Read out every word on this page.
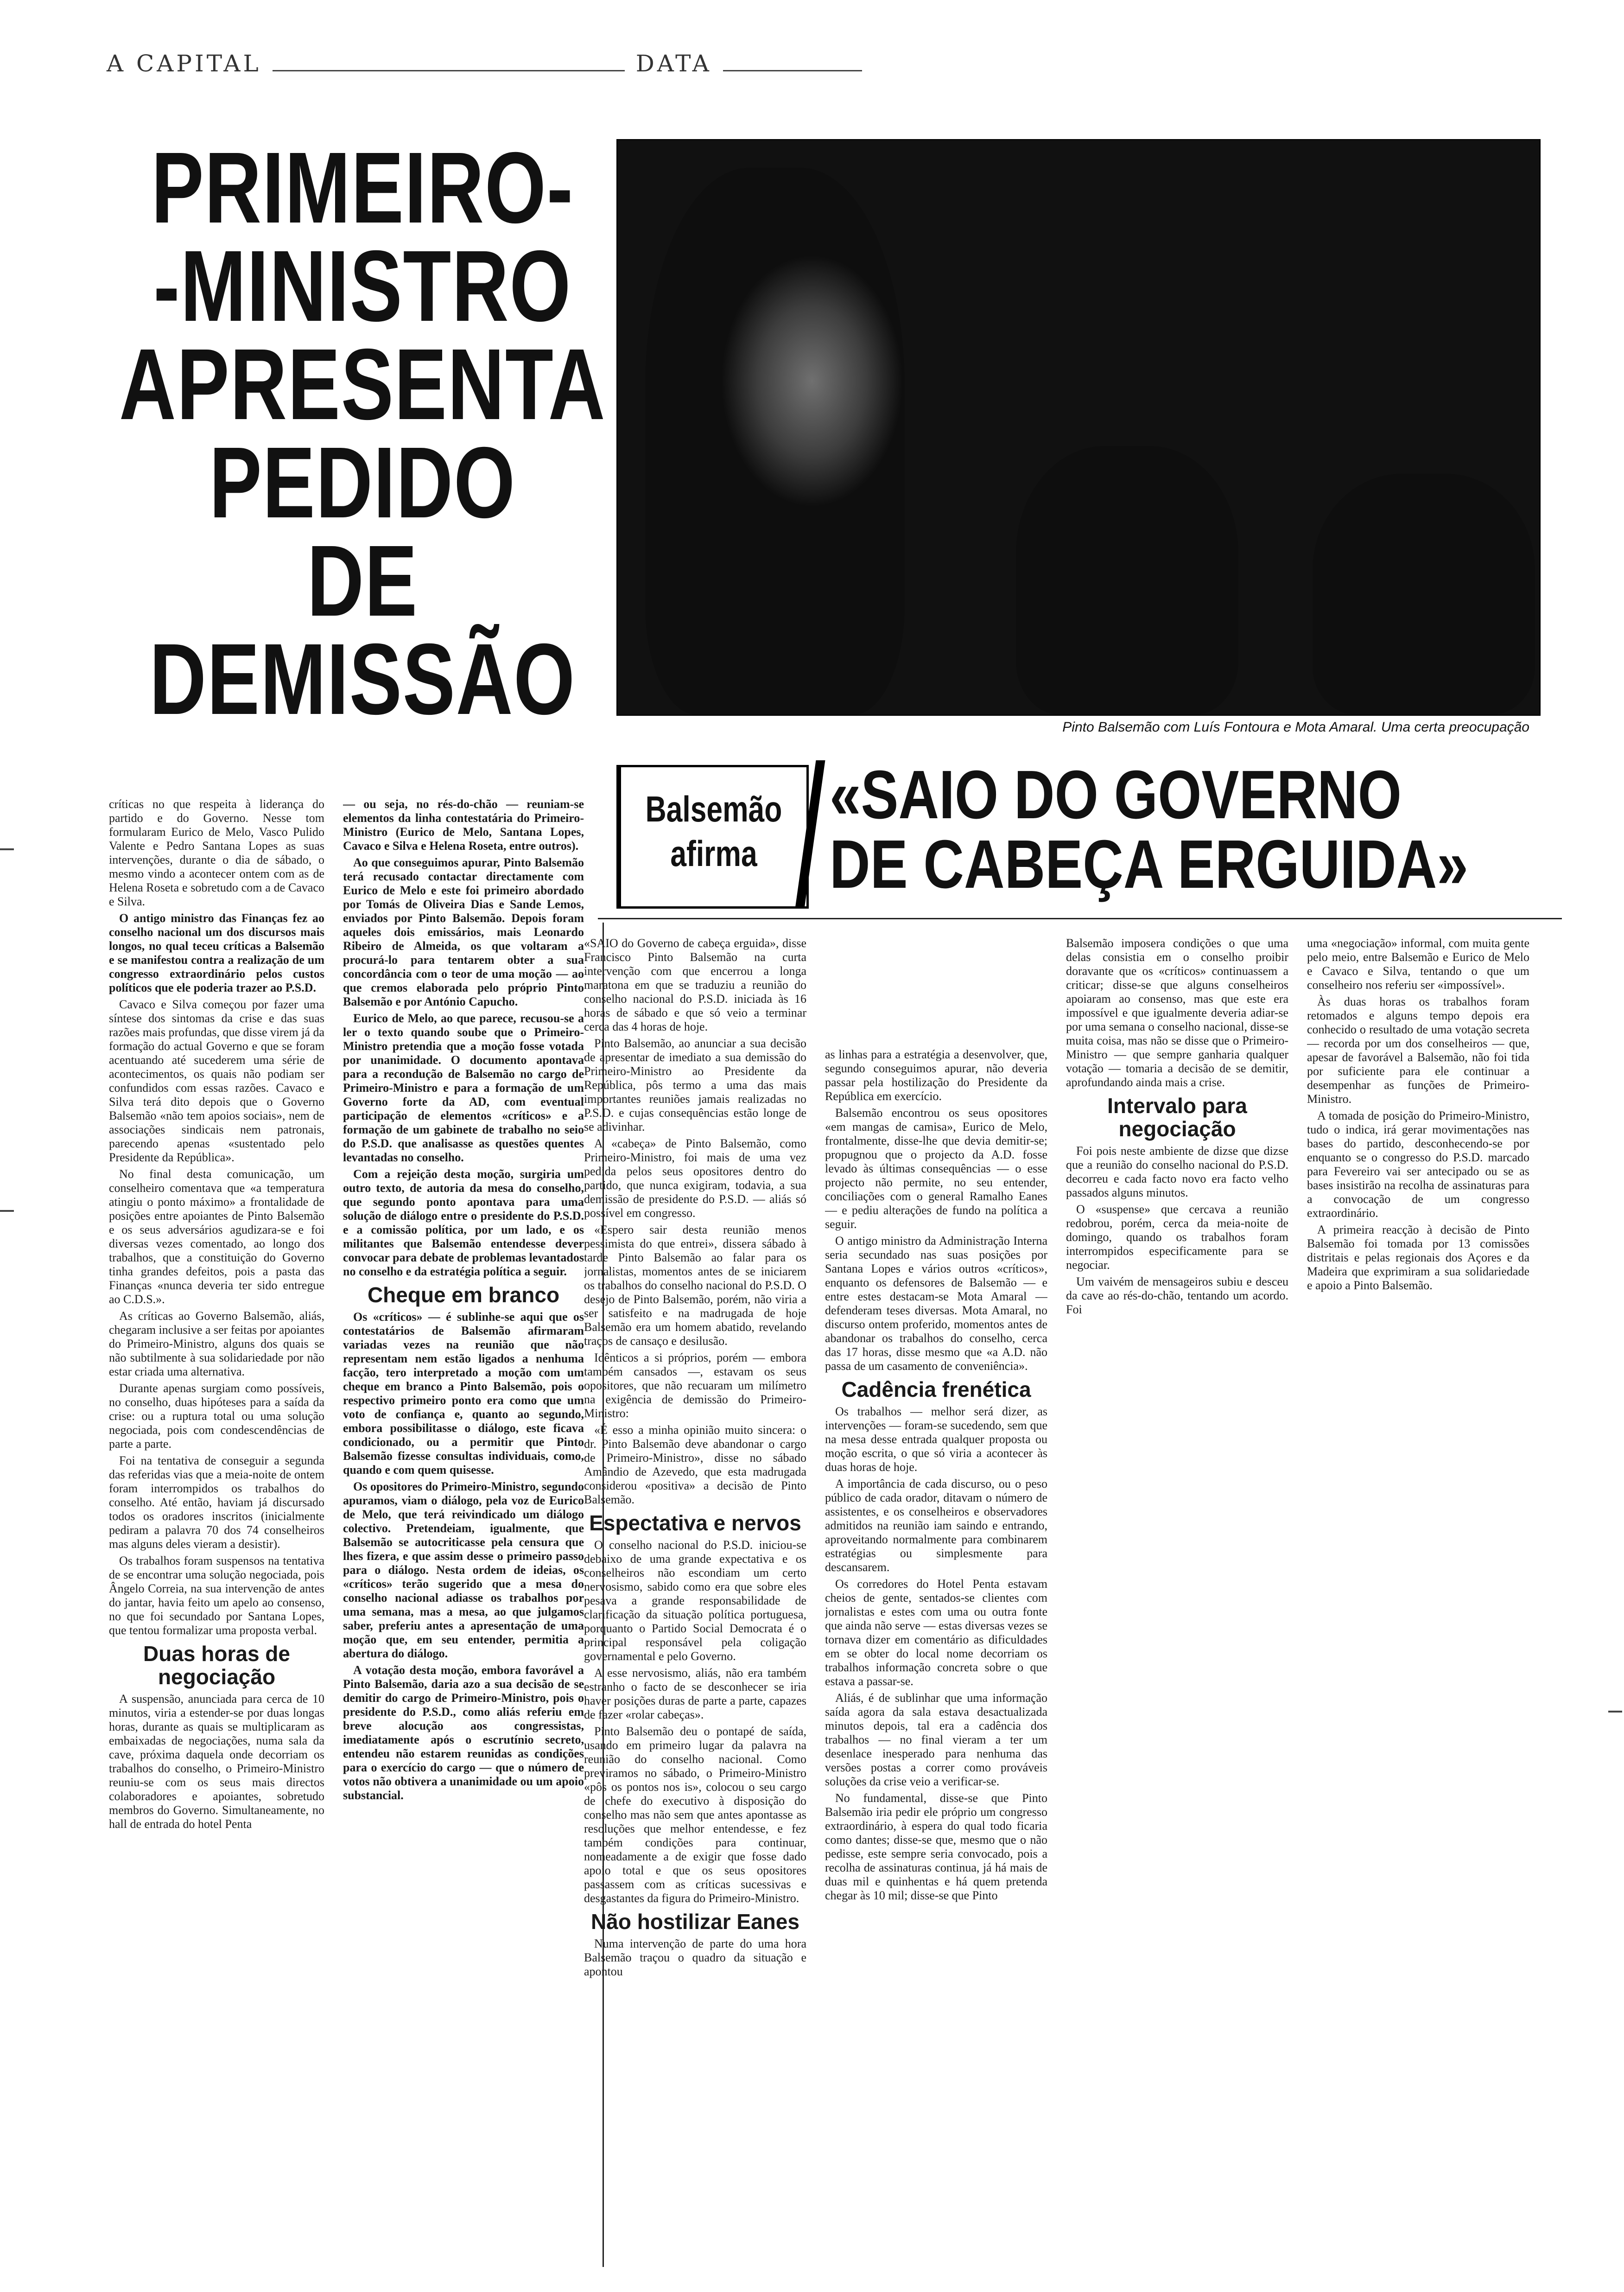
A CAPITAL	DATA
PRIMEIRO-
-MINISTRO
APRESENTA
PEDIDO
DE
DEMISSÃO	Pinto Balsemão com Luís Fontoura e Mota Amaral. Uma certa preocupação
Balsemão
afirma
«SAIO DO GOVERNO
DE CABEÇA ERGUIDA»

críticas no que respeita à liderança do partido e do Governo. Nesse tom formularam Eurico de Melo, Vasco Pulido Valente e Pedro Santana Lopes as suas intervenções, durante o dia de sábado, o mesmo vindo a acontecer ontem com as de Helena Roseta e sobretudo com a de Cavaco e Silva.

O antigo ministro das Finanças fez ao conselho nacional um dos discursos mais longos, no qual teceu críticas a Balsemão e se manifestou contra a realização de um congresso extraordinário pelos custos políticos que ele poderia trazer ao P.S.D.

Cavaco e Silva começou por fazer uma síntese dos sintomas da crise e das suas razões mais profundas, que disse virem já da formação do actual Governo e que se foram acentuando até sucederem uma série de acontecimentos, os quais não podiam ser confundidos com essas razões. Cavaco e Silva terá dito depois que o Governo Balsemão «não tem apoios sociais», nem de associações sindicais nem patronais, parecendo apenas «sustentado pelo Presidente da República».

No final desta comunicação, um conselheiro comentava que «a temperatura atingiu o ponto máximo» a frontalidade de posições entre apoiantes de Pinto Balsemão e os seus adversários agudizara-se e foi diversas vezes comentado, ao longo dos trabalhos, que a constituição do Governo tinha grandes defeitos, pois a pasta das Finanças «nunca deveria ter sido entregue ao C.D.S.».

As críticas ao Governo Balsemão, aliás, chegaram inclusive a ser feitas por apoiantes do Primeiro-Ministro, alguns dos quais se não subtilmente à sua solidariedade por não estar criada uma alternativa.

Durante apenas surgiam como possíveis, no conselho, duas hipóteses para a saída da crise: ou a ruptura total ou uma solução negociada, pois com condescendências de parte a parte.

Foi na tentativa de conseguir a segunda das referidas vias que a meia-noite de ontem foram interrompidos os trabalhos do conselho. Até então, haviam já discursado todos os oradores inscritos (inicialmente pediram a palavra 70 dos 74 conselheiros mas alguns deles vieram a desistir).

Os trabalhos foram suspensos na tentativa de se encontrar uma solução negociada, pois Ângelo Correia, na sua intervenção de antes do jantar, havia feito um apelo ao consenso, no que foi secundado por Santana Lopes, que tentou formalizar uma proposta verbal.

Duas horas de negociação

A suspensão, anunciada para cerca de 10 minutos, viria a estender-se por duas longas horas, durante as quais se multiplicaram as embaixadas de negociações, numa sala da cave, próxima daquela onde decorriam os trabalhos do conselho, o Primeiro-Ministro reuniu-se com os seus mais directos colaboradores e apoiantes, sobretudo membros do Governo. Simultaneamente, no hall de entrada do hotel Penta

— ou seja, no rés-do-chão — reuniam-se elementos da linha contestatária do Primeiro-Ministro (Eurico de Melo, Santana Lopes, Cavaco e Silva e Helena Roseta, entre outros).

Ao que conseguimos apurar, Pinto Balsemão terá recusado contactar directamente com Eurico de Melo e este foi primeiro abordado por Tomás de Oliveira Dias e Sande Lemos, enviados por Pinto Balsemão. Depois foram aqueles dois emissários, mais Leonardo Ribeiro de Almeida, os que voltaram a procurá-lo para tentarem obter a sua concordância com o teor de uma moção — ao que cremos elaborada pelo próprio Pinto Balsemão e por António Capucho.

Eurico de Melo, ao que parece, recusou-se a ler o texto quando soube que o Primeiro-Ministro pretendia que a moção fosse votada por unanimidade. O documento apontava para a recondução de Balsemão no cargo de Primeiro-Ministro e para a formação de um Governo forte da AD, com eventual participação de elementos «críticos» e a formação de um gabinete de trabalho no seio do P.S.D. que analisasse as questões quentes levantadas no conselho.

Com a rejeição desta moção, surgiria um outro texto, de autoria da mesa do conselho, que segundo ponto apontava para uma solução de diálogo entre o presidente do P.S.D. e a comissão política, por um lado, e os militantes que Balsemão entendesse dever convocar para debate de problemas levantados no conselho e da estratégia política a seguir.

Cheque em branco

Os «críticos» — é sublinhe-se aqui que os contestatários de Balsemão afirmaram variadas vezes na reunião que não representam nem estão ligados a nenhuma facção, tero interpretado a moção com um cheque em branco a Pinto Balsemão, pois o respectivo primeiro ponto era como que um voto de confiança e, quanto ao segundo, embora possibilitasse o diálogo, este ficava condicionado, ou a permitir que Pinto Balsemão fizesse consultas individuais, como, quando e com quem quisesse.

Os opositores do Primeiro-Ministro, segundo apuramos, viam o diálogo, pela voz de Eurico de Melo, que terá reivindicado um diálogo colectivo. Pretendeiam, igualmente, que Balsemão se autocriticasse pela censura que lhes fizera, e que assim desse o primeiro passo para o diálogo. Nesta ordem de ideias, os «críticos» terão sugerido que a mesa do conselho nacional adiasse os trabalhos por uma semana, mas a mesa, ao que julgamos saber, preferiu antes a apresentação de uma moção que, em seu entender, permitia a abertura do diálogo.

A votação desta moção, embora favorável a Pinto Balsemão, daria azo a sua decisão de se demitir do cargo de Primeiro-Ministro, pois o presidente do P.S.D., como aliás referiu em breve alocução aos congressistas, imediatamente após o escrutínio secreto, entendeu não estarem reunidas as condições para o exercício do cargo — que o número de votos não obtivera a unanimidade ou um apoio substancial.

«SAIO do Governo de cabeça erguida», disse Francisco Pinto Balsemão na curta intervenção com que encerrou a longa maratona em que se traduziu a reunião do conselho nacional do P.S.D. iniciada às 16 horas de sábado e que só veio a terminar cerca das 4 horas de hoje.

Pinto Balsemão, ao anunciar a sua decisão de apresentar de imediato a sua demissão do Primeiro-Ministro ao Presidente da República, pôs termo a uma das mais importantes reuniões jamais realizadas no P.S.D. e cujas consequências estão longe de se adivinhar.

A «cabeça» de Pinto Balsemão, como Primeiro-Ministro, foi mais de uma vez pedida pelos seus opositores dentro do partido, que nunca exigiram, todavia, a sua demissão de presidente do P.S.D. — aliás só possível em congresso.

«Espero sair desta reunião menos pessimista do que entrei», dissera sábado à tarde Pinto Balsemão ao falar para os jornalistas, momentos antes de se iniciarem os trabalhos do conselho nacional do P.S.D. O desejo de Pinto Balsemão, porém, não viria a ser satisfeito e na madrugada de hoje Balsemão era um homem abatido, revelando traços de cansaço e desilusão.

Idênticos a si próprios, porém — embora também cansados —, estavam os seus opositores, que não recuaram um milímetro na exigência de demissão do Primeiro-Ministro:

«É esso a minha opinião muito sincera: o dr. Pinto Balsemão deve abandonar o cargo de Primeiro-Ministro», disse no sábado Amândio de Azevedo, que esta madrugada considerou «positiva» a decisão de Pinto Balsemão.

Espectativa e nervos

O conselho nacional do P.S.D. iniciou-se debaixo de uma grande expectativa e os conselheiros não escondiam um certo nervosismo, sabido como era que sobre eles pesava a grande responsabilidade de clarificação da situação política portuguesa, porquanto o Partido Social Democrata é o principal responsável pela coligação governamental e pelo Governo.

A esse nervosismo, aliás, não era também estranho o facto de se desconhecer se iria haver posições duras de parte a parte, capazes de fazer «rolar cabeças».

Pinto Balsemão deu o pontapé de saída, usando em primeiro lugar da palavra na reunião do conselho nacional. Como previramos no sábado, o Primeiro-Ministro «pôs os pontos nos is», colocou o seu cargo de chefe do executivo à disposição do conselho mas não sem que antes apontasse as resoluções que melhor entendesse, e fez também condições para continuar, nomeadamente a de exigir que fosse dado apoio total e que os seus opositores passassem com as críticas sucessivas e desgastantes da figura do Primeiro-Ministro.

Não hostilizar Eanes

Numa intervenção de parte do uma hora Balsemão traçou o quadro da situação e apontou

as linhas para a estratégia a desenvolver, que, segundo conseguimos apurar, não deveria passar pela hostilização do Presidente da República em exercício.

Balsemão encontrou os seus opositores «em mangas de camisa», Eurico de Melo, frontalmente, disse-lhe que devia demitir-se; propugnou que o projecto da A.D. fosse levado às últimas consequências — o esse projecto não permite, no seu entender, conciliações com o general Ramalho Eanes — e pediu alterações de fundo na política a seguir.

O antigo ministro da Administração Interna seria secundado nas suas posições por Santana Lopes e vários outros «críticos», enquanto os defensores de Balsemão — e entre estes destacam-se Mota Amaral — defenderam teses diversas. Mota Amaral, no discurso ontem proferido, momentos antes de abandonar os trabalhos do conselho, cerca das 17 horas, disse mesmo que «a A.D. não passa de um casamento de conveniência».

Cadência frenética

Os trabalhos — melhor será dizer, as intervenções — foram-se sucedendo, sem que na mesa desse entrada qualquer proposta ou moção escrita, o que só viria a acontecer às duas horas de hoje.

A importância de cada discurso, ou o peso público de cada orador, ditavam o número de assistentes, e os conselheiros e observadores admitidos na reunião iam saindo e entrando, aproveitando normalmente para combinarem estratégias ou simplesmente para descansarem.

Os corredores do Hotel Penta estavam cheios de gente, sentados-se clientes com jornalistas e estes com uma ou outra fonte que ainda não serve — estas diversas vezes se tornava dizer em comentário as dificuldades em se obter do local nome decorriam os trabalhos informação concreta sobre o que estava a passar-se.

Aliás, é de sublinhar que uma informação saída agora da sala estava desactualizada minutos depois, tal era a cadência dos trabalhos — no final vieram a ter um desenlace inesperado para nenhuma das versões postas a correr como prováveis soluções da crise veio a verificar-se.

No fundamental, disse-se que Pinto Balsemão iria pedir ele próprio um congresso extraordinário, à espera do qual todo ficaria como dantes; disse-se que, mesmo que o não pedisse, este sempre seria convocado, pois a recolha de assinaturas continua, já há mais de duas mil e quinhentas e há quem pretenda chegar às 10 mil; disse-se que Pinto

Balsemão imposera condições o que uma delas consistia em o conselho proibir doravante que os «críticos» continuassem a criticar; disse-se que alguns conselheiros apoiaram ao consenso, mas que este era impossível e que igualmente deveria adiar-se por uma semana o conselho nacional, disse-se muita coisa, mas não se disse que o Primeiro-Ministro — que sempre ganharia qualquer votação — tomaria a decisão de se demitir, aprofundando ainda mais a crise.

Intervalo para negociação

Foi pois neste ambiente de dizse que dizse que a reunião do conselho nacional do P.S.D. decorreu e cada facto novo era facto velho passados alguns minutos.

O «suspense» que cercava a reunião redobrou, porém, cerca da meia-noite de domingo, quando os trabalhos foram interrompidos especificamente para se negociar.

Um vaivém de mensageiros subiu e desceu da cave ao rés-do-chão, tentando um acordo. Foi

uma «negociação» informal, com muita gente pelo meio, entre Balsemão e Eurico de Melo e Cavaco e Silva, tentando o que um conselheiro nos referiu ser «impossível».

Às duas horas os trabalhos foram retomados e alguns tempo depois era conhecido o resultado de uma votação secreta — recorda por um dos conselheiros — que, apesar de favorável a Balsemão, não foi tida por suficiente para ele continuar a desempenhar as funções de Primeiro-Ministro.

A tomada de posição do Primeiro-Ministro, tudo o indica, irá gerar movimentações nas bases do partido, desconhecendo-se por enquanto se o congresso do P.S.D. marcado para Fevereiro vai ser antecipado ou se as bases insistirão na recolha de assinaturas para a convocação de um congresso extraordinário.

A primeira reacção à decisão de Pinto Balsemão foi tomada por 13 comissões distritais e pelas regionais dos Açores e da Madeira que exprimiram a sua solidariedade e apoio a Pinto Balsemão.
